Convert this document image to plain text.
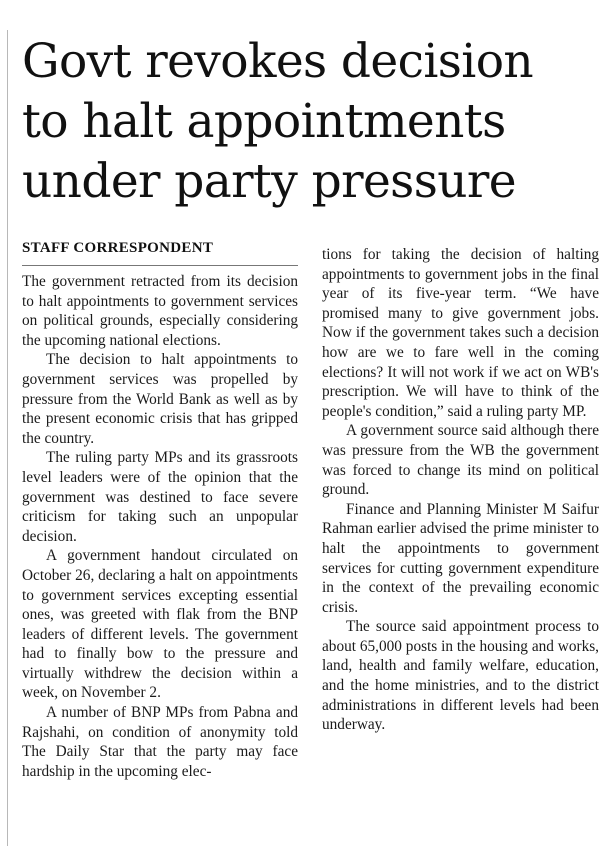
Govt revokes decision
to halt appointments
under party pressure
STAFF CORRESPONDENT

The government retracted from its decision to halt appointments to government services on political grounds, especially considering the upcoming national elections.

The decision to halt appointments to government services was propelled by pressure from the World Bank as well as by the present economic crisis that has gripped the country.

The ruling party MPs and its grassroots level leaders were of the opinion that the government was destined to face severe criticism for taking such an unpopular decision.

A government handout circulated on October 26, declaring a halt on appointments to government services excepting essential ones, was greeted with flak from the BNP leaders of different levels. The government had to finally bow to the pressure and virtually withdrew the decision within a week, on November 2.

A number of BNP MPs from Pabna and Rajshahi, on condition of anonymity told The Daily Star that the party may face hardship in the upcoming elec-

tions for taking the decision of halting appointments to government jobs in the final year of its five-year term. “We have promised many to give government jobs. Now if the government takes such a decision how are we to fare well in the coming elections? It will not work if we act on WB's prescription. We will have to think of the people's condition,” said a ruling party MP.

A government source said although there was pressure from the WB the government was forced to change its mind on political ground.

Finance and Planning Minister M Saifur Rahman earlier advised the prime minister to halt the appointments to government services for cutting government expenditure in the context of the prevailing economic crisis.

The source said appointment process to about 65,000 posts in the housing and works, land, health and family welfare, education, and the home ministries, and to the district administrations in different levels had been underway.
